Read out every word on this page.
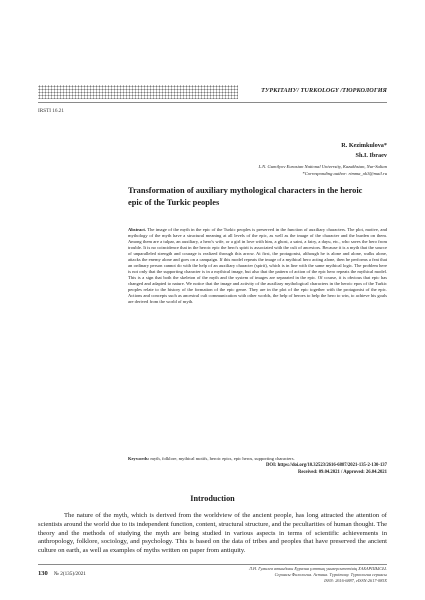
ТУРКІТАНУ/ TURKOLOGY /ТЮРКОЛОГИЯ
IRSTI 16.21
R. Kezimkulova*
Sh.I. Ibraev
L.N. Gumilyov Eurasian National University, Kazakhstan, Nur-Sultan
*Corresponding author: rimma_ok3@mail.ru
Transformation of auxiliary mythological characters in the heroic epic of the Turkic peoples
Abstract. The image of the myth in the epic of the Turkic peoples is preserved in the function of auxiliary characters. The plot, motive, and mythology of the myth have a structural meaning at all levels of the epic, as well as the image of the character and the burden on them. Among them are a tulpar, an auxiliary, a hero's wife, or a girl in love with him, a ghost, a saint, a fairy, a dayu, etc., who saves the hero from trouble. It is no coincidence that in the heroic epic the hero's spirit is associated with the cult of ancestors. Because it is a myth that the source of unparalleled strength and courage is realized through this arrow. At first, the protagonist, although he is alone and alone, walks alone, attacks the enemy alone and goes on a campaign. If this model repeats the image of a mythical hero acting alone, then he performs a feat that an ordinary person cannot do with the help of an auxiliary character (spirit), which is in line with the same mythical logic. The problem here is not only that the supporting character is in a mythical image, but also that the pattern of action of the epic hero repeats the mythical model. This is a sign that both the skeleton of the myth and the system of images are separated in the epic. Of course, it is obvious that epic has changed and adapted to nature. We notice that the image and activity of the auxiliary mythological characters in the heroic epos of the Turkic peoples relate to the history of the formation of the epic genre. They are in the plot of the epic together with the protagonist of the epic. Actions and concepts such as ancestral cult communication with other worlds, the help of heroes to help the hero to win, to achieve his goals are derived from the world of myth.
Keywords: myth, folklore, mythical motifs, heroic epics, epic heros, supporting characters.
DOI: https://doi.org/10.32523/2616-6887/2021-135-2-130-137
Received: 09.04.2021 / Approved: 26.04.2021
Introduction
The nature of the myth, which is derived from the worldview of the ancient people, has long attracted the attention of scientists around the world due to its independent function, content, structural structure, and the peculiarities of human thought. The theory and the methods of studying the myth are being studied in various aspects in terms of scientific achievements in anthropology, folklore, sociology, and psychology. This is based on the data of tribes and peoples that have preserved the ancient culture on earth, as well as examples of myths written on paper from antiquity.
130 № 2(135)/2021
Л.Н. Гумилев атындағы Еуразия ұлттық университетінің ХАБАРШЫСЫ.
Сериясы Филология. Астана. Түркітану. Түркология сериясы
ISSN: 2616-6887, eISSN:2617-085X
